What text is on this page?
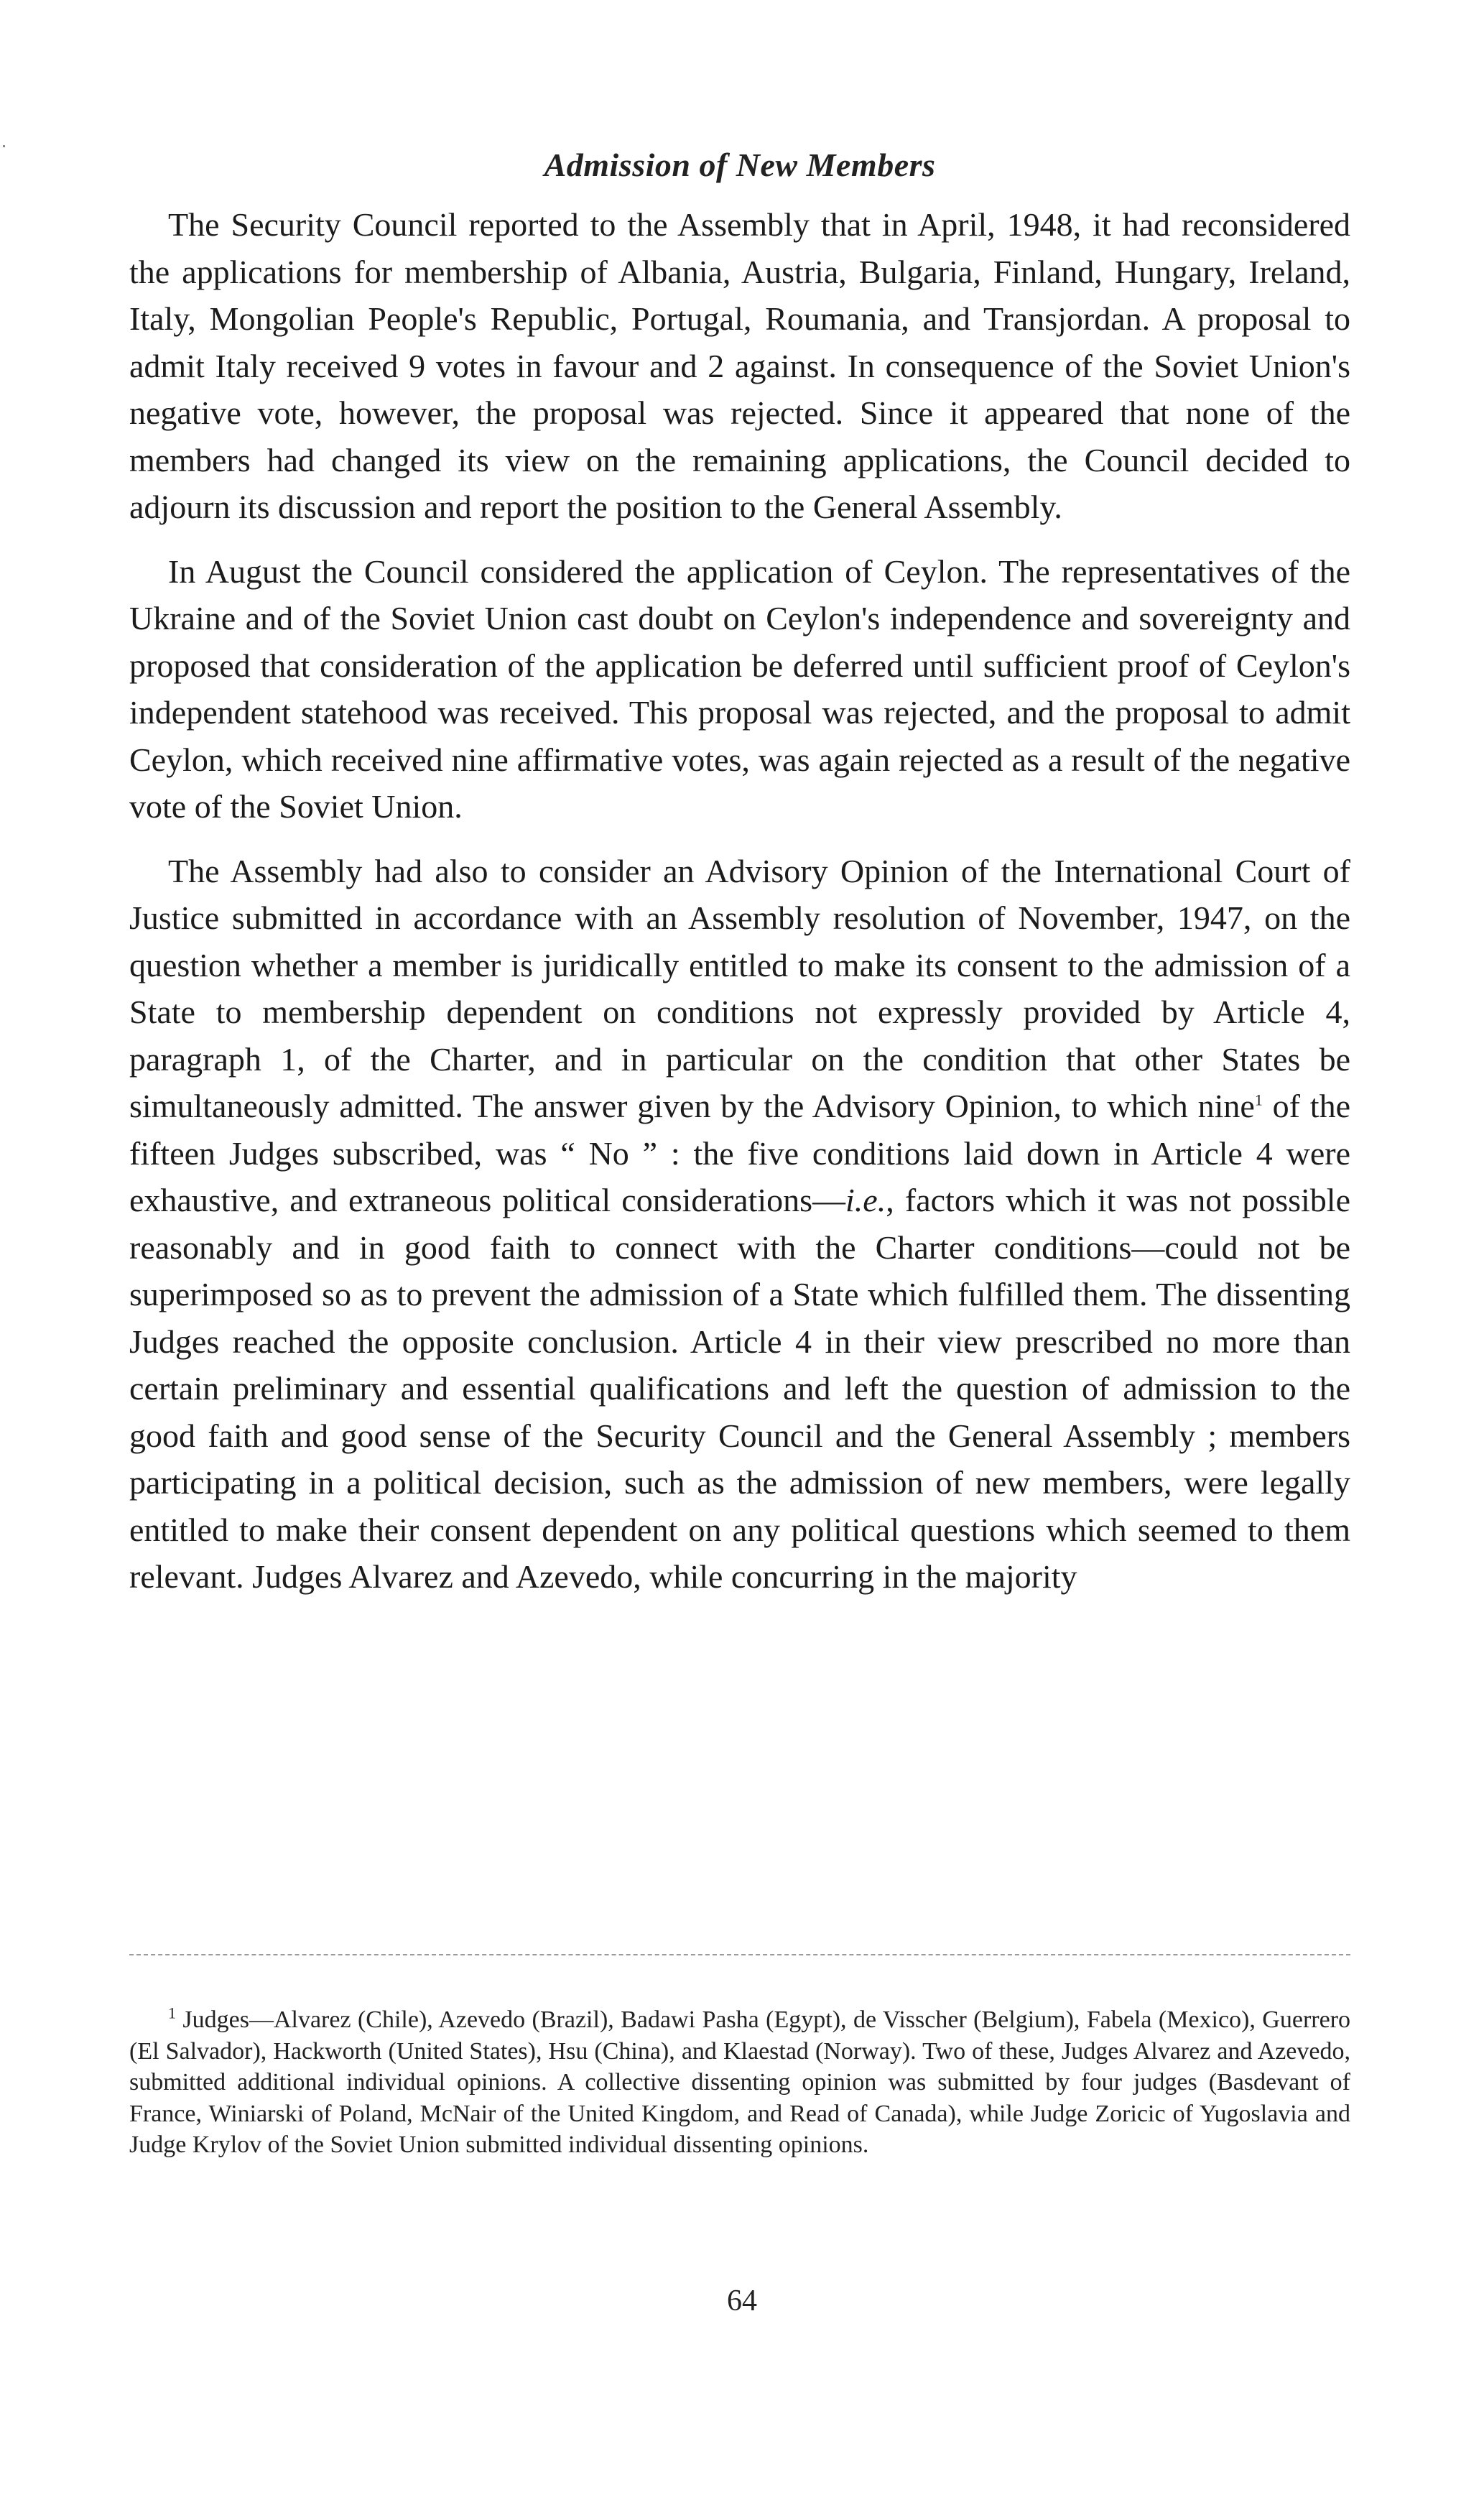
Admission of New Members

The Security Council reported to the Assembly that in April, 1948, it had reconsidered the applications for membership of Albania, Austria, Bulgaria, Finland, Hungary, Ireland, Italy, Mongolian People's Republic, Portugal, Roumania, and Transjordan. A proposal to admit Italy received 9 votes in favour and 2 against. In consequence of the Soviet Union's negative vote, however, the proposal was rejected. Since it appeared that none of the members had changed its view on the remaining applications, the Council decided to adjourn its discussion and report the position to the General Assembly.

In August the Council considered the application of Ceylon. The representatives of the Ukraine and of the Soviet Union cast doubt on Ceylon's independence and sovereignty and proposed that consideration of the application be deferred until sufficient proof of Ceylon's independent statehood was received. This proposal was rejected, and the proposal to admit Ceylon, which received nine affirmative votes, was again rejected as a result of the negative vote of the Soviet Union.

The Assembly had also to consider an Advisory Opinion of the International Court of Justice submitted in accordance with an Assembly resolution of November, 1947, on the question whether a member is juridically entitled to make its consent to the admission of a State to membership dependent on conditions not expressly provided by Article 4, paragraph 1, of the Charter, and in particular on the condition that other States be simultaneously admitted. The answer given by the Advisory Opinion, to which nine$^1$ of the fifteen Judges subscribed, was “ No ” : the five conditions laid down in Article 4 were exhaustive, and extraneous political considerations—i.e., factors which it was not possible reasonably and in good faith to connect with the Charter conditions—could not be superimposed so as to prevent the admission of a State which fulfilled them. The dissenting Judges reached the opposite conclusion. Article 4 in their view prescribed no more than certain preliminary and essential qualifications and left the question of admission to the good faith and good sense of the Security Council and the General Assembly ; members participating in a political decision, such as the admission of new members, were legally entitled to make their consent dependent on any political questions which seemed to them relevant. Judges Alvarez and Azevedo, while concurring in the majority

$^1$ Judges—Alvarez (Chile), Azevedo (Brazil), Badawi Pasha (Egypt), de Visscher (Belgium), Fabela (Mexico), Guerrero (El Salvador), Hackworth (United States), Hsu (China), and Klaestad (Norway). Two of these, Judges Alvarez and Azevedo, submitted additional individual opinions. A collective dissenting opinion was submitted by four judges (Basdevant of France, Winiarski of Poland, McNair of the United Kingdom, and Read of Canada), while Judge Zoricic of Yugoslavia and Judge Krylov of the Soviet Union submitted individual dissenting opinions.

64
